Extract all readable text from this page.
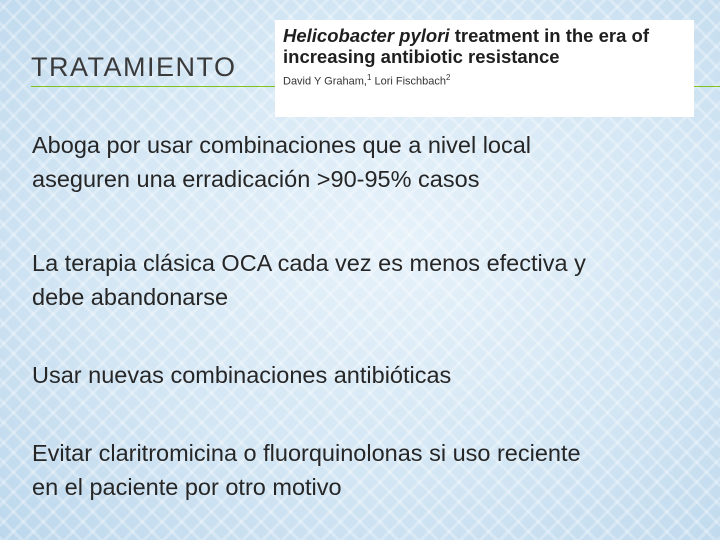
TRATAMIENTO

Helicobacter pylori treatment in the era of increasing antibiotic resistance

David Y Graham,$^1$ Lori Fischbach$^2$

Aboga por usar combinaciones que a nivel local
aseguren una erradicación >90-95% casos

La terapia clásica OCA cada vez es menos efectiva y
debe abandonarse

Usar nuevas combinaciones antibióticas

Evitar claritromicina o fluorquinolonas si uso reciente
en el paciente por otro motivo
